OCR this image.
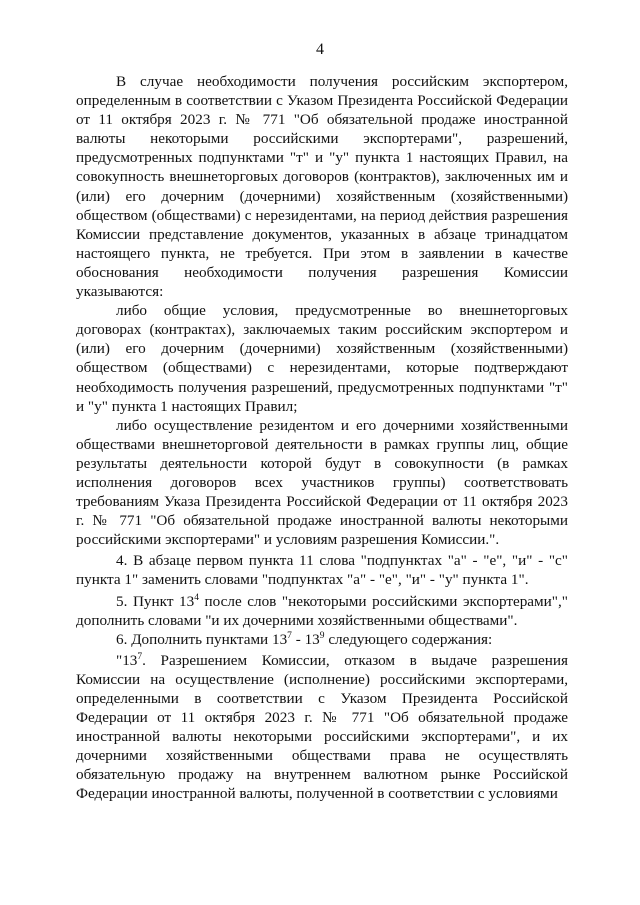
4

В случае необходимости получения российским экспортером, определенным в соответствии с Указом Президента Российской Федерации от 11 октября 2023 г. № 771 "Об обязательной продаже иностранной валюты некоторыми российскими экспортерами", разрешений, предусмотренных подпунктами "т" и "у" пункта 1 настоящих Правил, на совокупность внешнеторговых договоров (контрактов), заключенных им и (или) его дочерним (дочерними) хозяйственным (хозяйственными) обществом (обществами) с нерезидентами, на период действия разрешения Комиссии представление документов, указанных в абзаце тринадцатом настоящего пункта, не требуется. При этом в заявлении в качестве обоснования необходимости получения разрешения Комиссии указываются:

либо общие условия, предусмотренные во внешнеторговых договорах (контрактах), заключаемых таким российским экспортером и (или) его дочерним (дочерними) хозяйственным (хозяйственными) обществом (обществами) с нерезидентами, которые подтверждают необходимость получения разрешений, предусмотренных подпунктами "т" и "у" пункта 1 настоящих Правил;

либо осуществление резидентом и его дочерними хозяйственными обществами внешнеторговой деятельности в рамках группы лиц, общие результаты деятельности которой будут в совокупности (в рамках исполнения договоров всех участников группы) соответствовать требованиям Указа Президента Российской Федерации от 11 октября 2023 г. № 771 "Об обязательной продаже иностранной валюты некоторыми российскими экспортерами" и условиям разрешения Комиссии.".

4. В абзаце первом пункта 11 слова "подпунктах "а" - "е", "и" - "с" пункта 1" заменить словами "подпунктах "а" - "е", "и" - "у" пункта 1".

5. Пункт $13^4$ после слов "некоторыми российскими экспортерами"," дополнить словами "и их дочерними хозяйственными обществами".

6. Дополнить пунктами $13^7 - 13^9$ следующего содержания:

"$13^7$. Разрешением Комиссии, отказом в выдаче разрешения Комиссии на осуществление (исполнение) российскими экспортерами, определенными в соответствии с Указом Президента Российской Федерации от 11 октября 2023 г. № 771 "Об обязательной продаже иностранной валюты некоторыми российскими экспортерами", и их дочерними хозяйственными обществами права не осуществлять обязательную продажу на внутреннем валютном рынке Российской Федерации иностранной валюты, полученной в соответствии с условиями
